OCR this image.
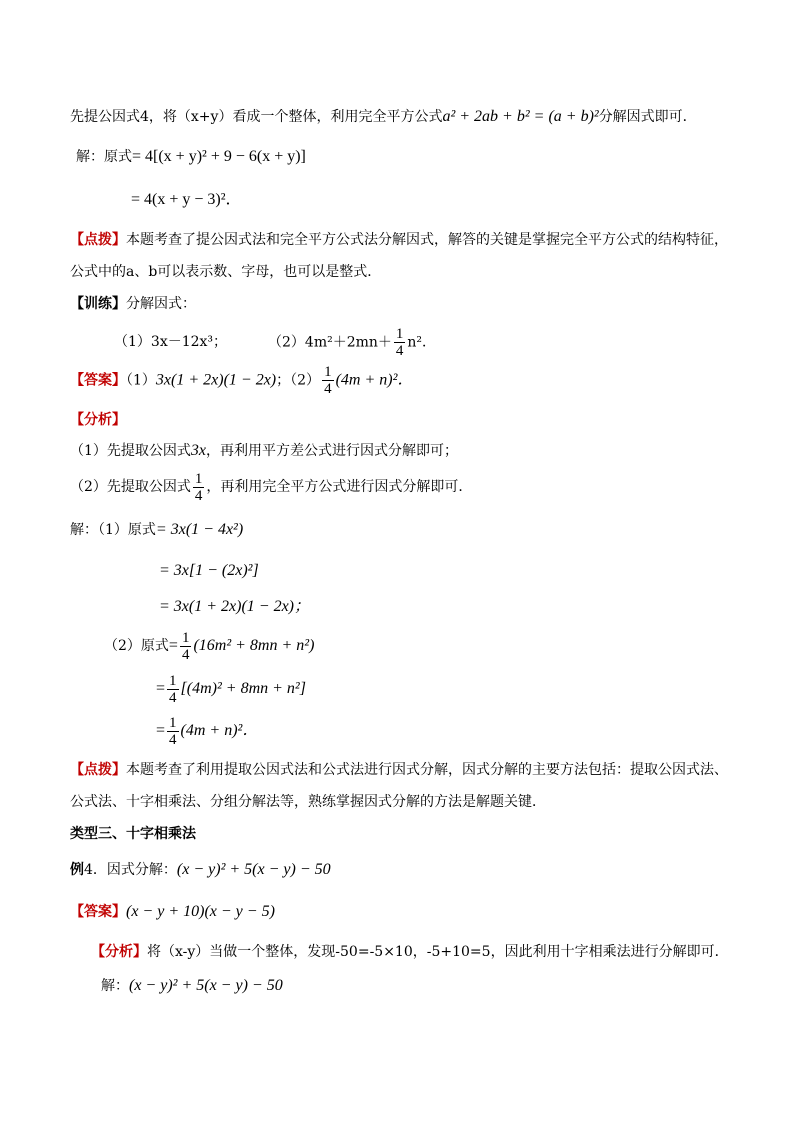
先提公因式4，将（x+y）看成一个整体，利用完全平方公式a² + 2ab + b² = (a + b)²分解因式即可．
解：原式= 4[(x + y)² + 9 − 6(x + y)]
= 4(x + y − 3)²．
【点拨】本题考查了提公因式法和完全平方公式法分解因式，解答的关键是掌握完全平方公式的结构特征，
公式中的a、b可以表示数、字母，也可以是整式．
【训练】分解因式：
（1）3x－12x³；	$(2)4m^2+2mn+ \frac{1}{4} n^2$．
【答案】（1）3x(1 + 2x)(1 − 2x)；$(2) \frac{1}{4} (4m + n)^2$．
【分析】
（1）先提取公因式3x，再利用平方差公式进行因式分解即可；
（2）先提取公因式 $\frac{1}{4}$ ，再利用完全平方公式进行因式分解即可．
解：（1）原式= 3x(1 − 4x²)
= 3x[1 − (2x)²]
= 3x(1 + 2x)(1 − 2x)；
（2）原式= $\frac{1}{4} (16m^2 + 8mn + n^2)$
= $\frac{1}{4} [(4m)^2 + 8mn + n^2]$
= $\frac{1}{4} (4m + n)^2$．
【点拨】本题考查了利用提取公因式法和公式法进行因式分解，因式分解的主要方法包括：提取公因式法、
公式法、十字相乘法、分组分解法等，熟练掌握因式分解的方法是解题关键．
类型三、十字相乘法
例4．因式分解：(x − y)² + 5(x − y) − 50
【答案】(x − y + 10)(x − y − 5)
【分析】将（x-y）当做一个整体，发现-50=-5×10，-5+10=5，因此利用十字相乘法进行分解即可．
解：(x − y)² + 5(x − y) − 50
